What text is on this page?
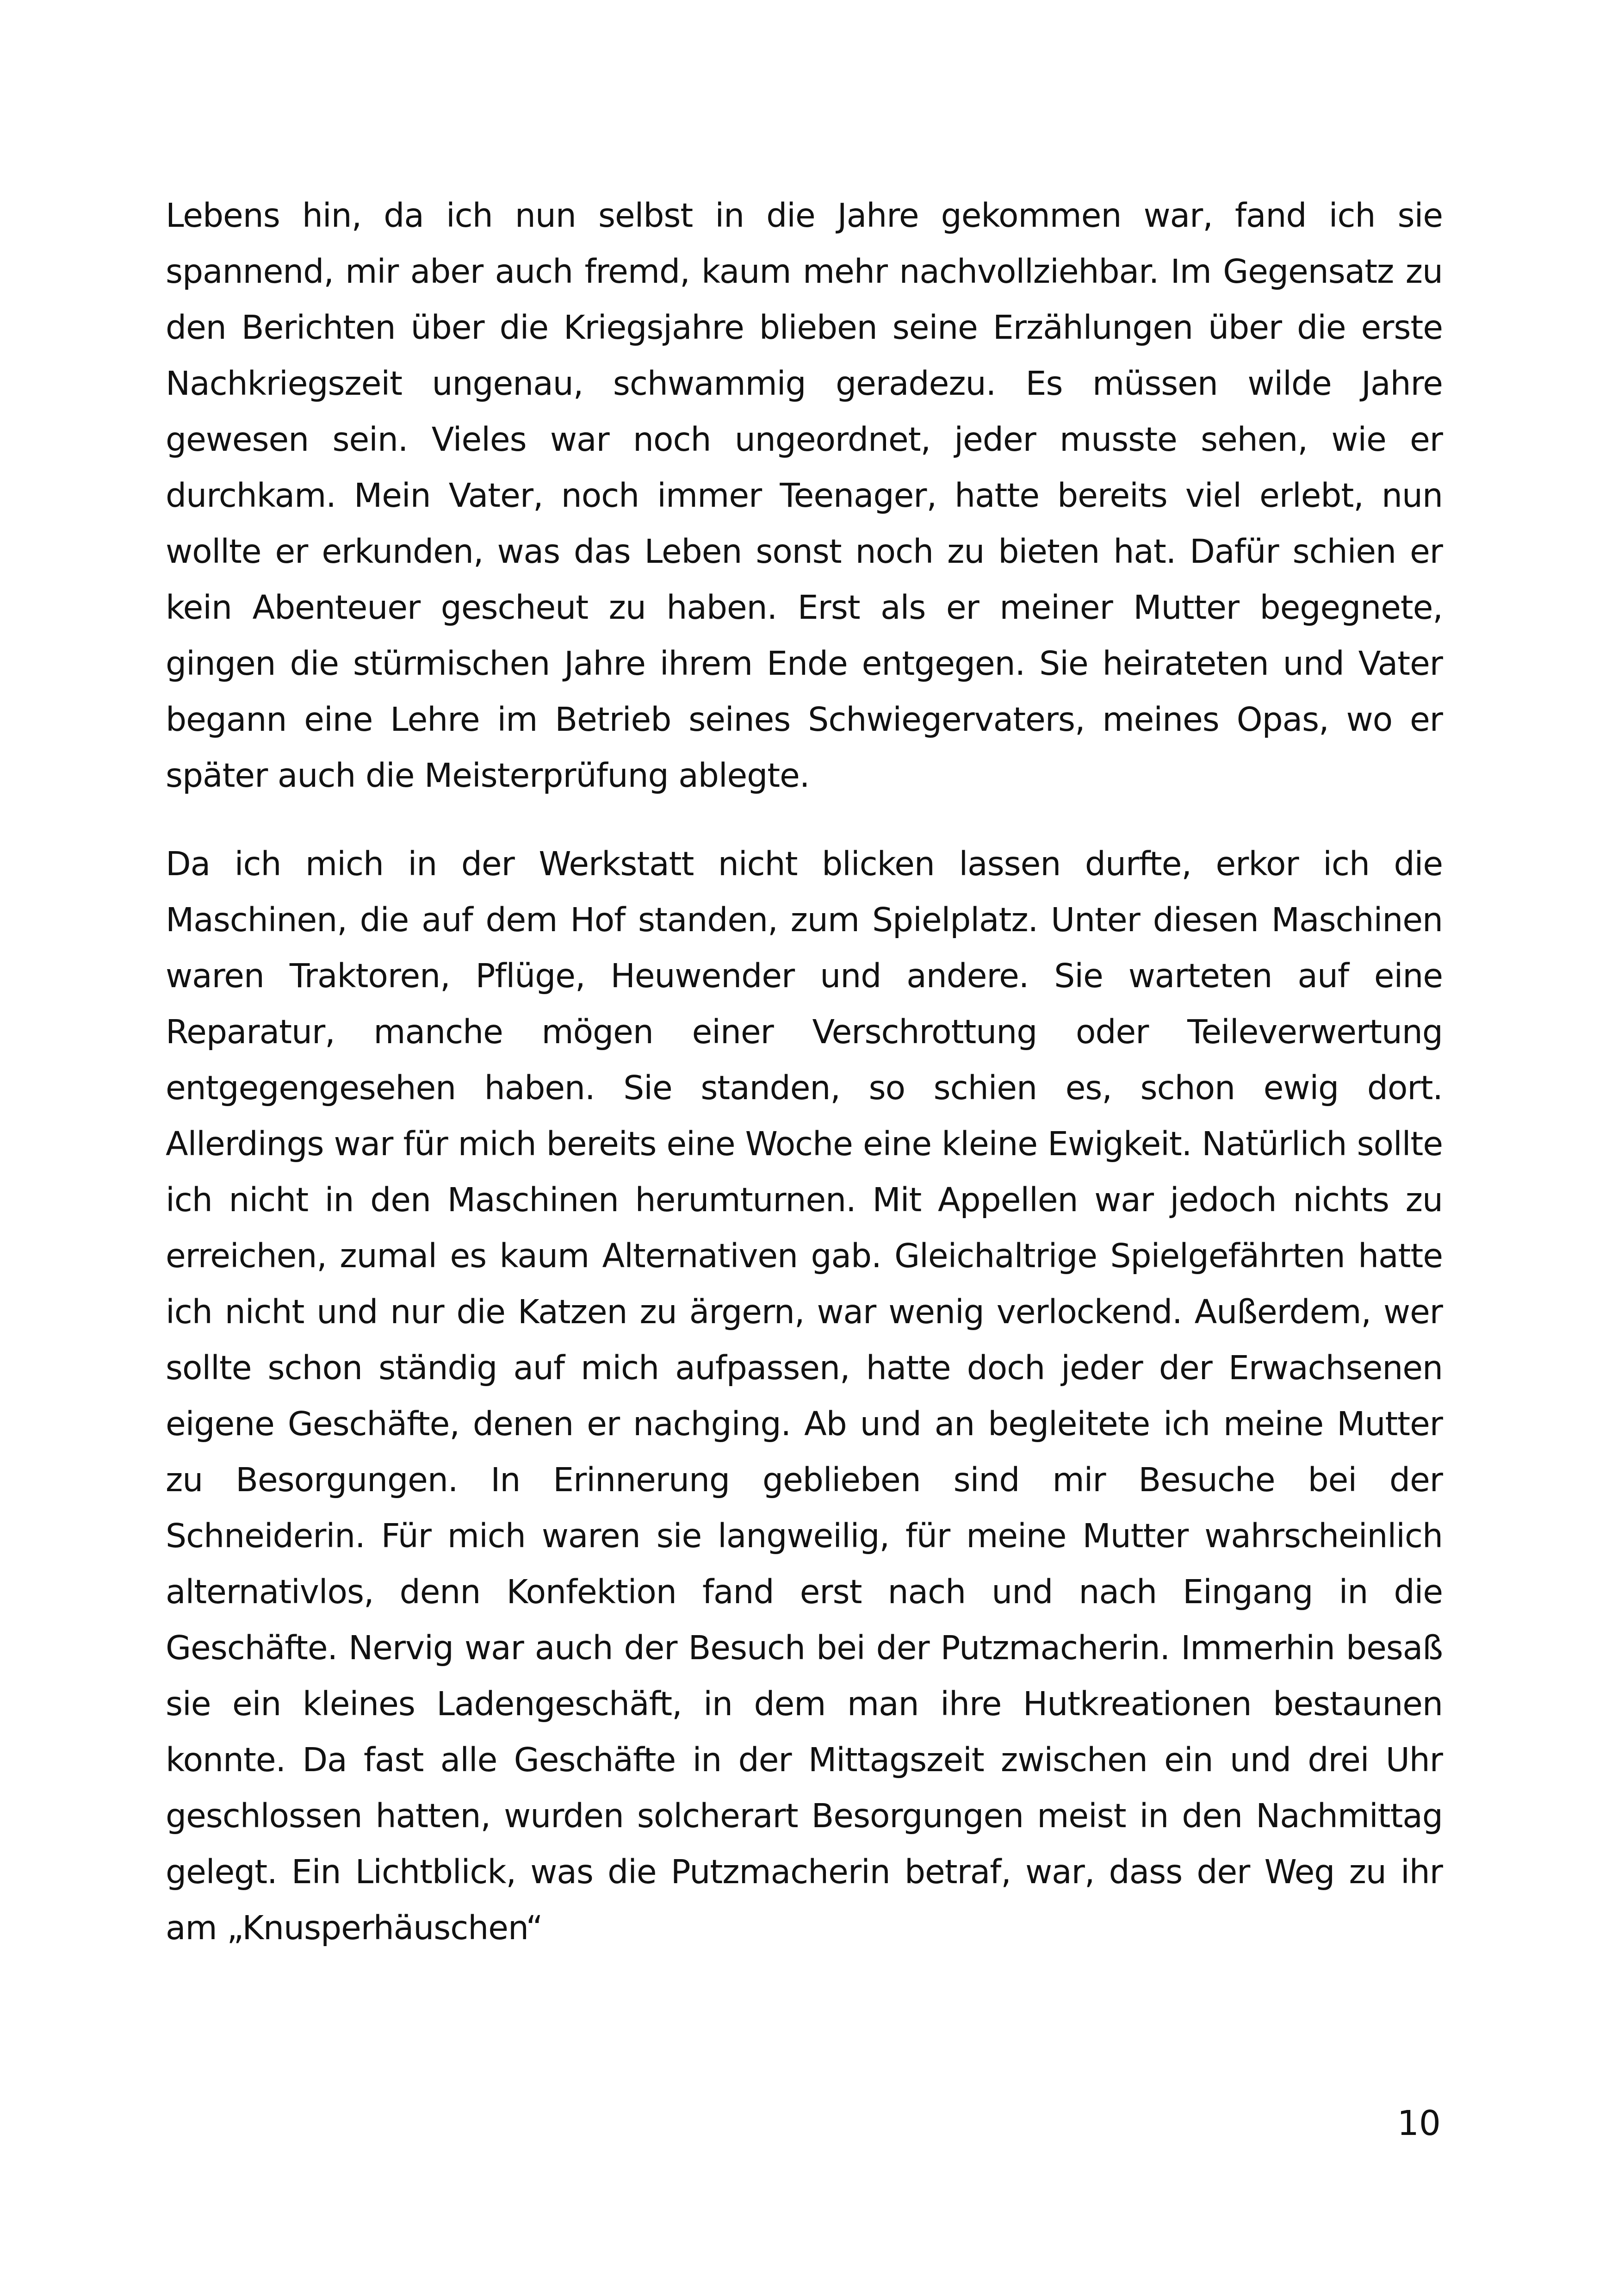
Lebens hin, da ich nun selbst in die Jahre gekommen war, fand ich sie spannend, mir aber auch fremd, kaum mehr nachvollziehbar. Im Gegensatz zu den Berichten über die Kriegsjahre blieben seine Erzählungen über die erste Nachkriegszeit ungenau, schwammig geradezu. Es müssen wilde Jahre gewesen sein. Vieles war noch ungeordnet, jeder musste sehen, wie er durchkam. Mein Vater, noch immer Teenager, hatte bereits viel erlebt, nun wollte er erkunden, was das Leben sonst noch zu bieten hat. Dafür schien er kein Abenteuer gescheut zu haben. Erst als er meiner Mutter begegnete, gingen die stürmischen Jahre ihrem Ende entgegen. Sie heirateten und Vater begann eine Lehre im Betrieb seines Schwiegervaters, meines Opas, wo er später auch die Meisterprüfung ablegte.

Da ich mich in der Werkstatt nicht blicken lassen durfte, erkor ich die Maschinen, die auf dem Hof standen, zum Spielplatz. Unter diesen Maschinen waren Traktoren, Pflüge, Heuwender und andere. Sie warteten auf eine Reparatur, manche mögen einer Verschrottung oder Teileverwertung entgegengesehen haben. Sie standen, so schien es, schon ewig dort. Allerdings war für mich bereits eine Woche eine kleine Ewigkeit. Natürlich sollte ich nicht in den Maschinen herumturnen. Mit Appellen war jedoch nichts zu erreichen, zumal es kaum Alternativen gab. Gleichaltrige Spielgefährten hatte ich nicht und nur die Katzen zu ärgern, war wenig verlockend. Außerdem, wer sollte schon ständig auf mich aufpassen, hatte doch jeder der Erwachsenen eigene Geschäfte, denen er nachging. Ab und an begleitete ich meine Mutter zu Besorgungen. In Erinnerung geblieben sind mir Besuche bei der Schneiderin. Für mich waren sie langweilig, für meine Mutter wahrscheinlich alternativlos, denn Konfektion fand erst nach und nach Eingang in die Geschäfte. Nervig war auch der Besuch bei der Putzmacherin. Immerhin besaß sie ein kleines Ladengeschäft, in dem man ihre Hutkreationen bestaunen konnte. Da fast alle Geschäfte in der Mittagszeit zwischen ein und drei Uhr geschlossen hatten, wurden solcherart Besorgungen meist in den Nachmittag gelegt. Ein Lichtblick, was die Putzmacherin betraf, war, dass der Weg zu ihr am „Knusperhäuschen“

10
